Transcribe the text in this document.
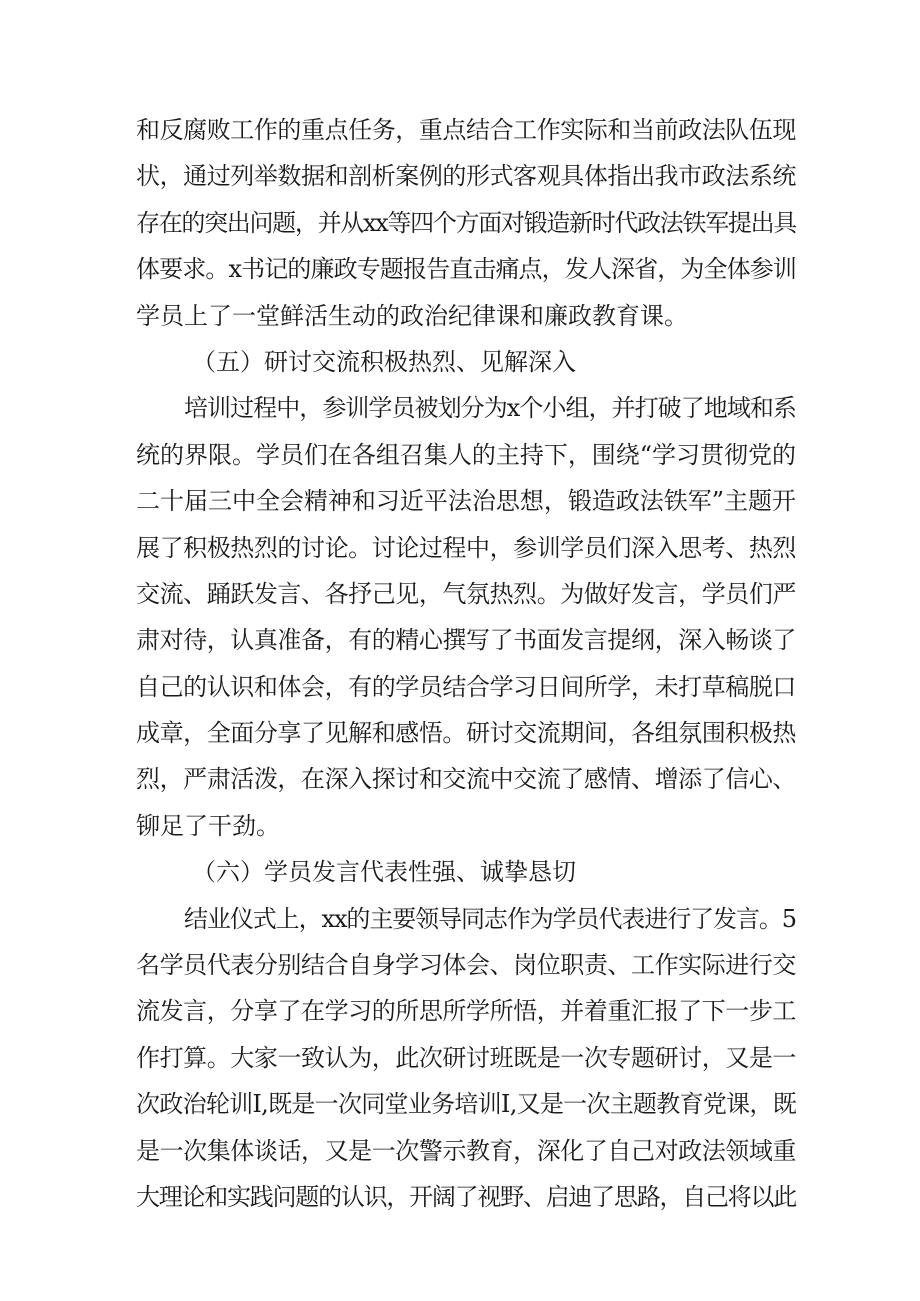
和反腐败工作的重点任务，重点结合工作实际和当前政法队伍现
状，通过列举数据和剖析案例的形式客观具体指出我市政法系统
存在的突出问题，并从xx等四个方面对锻造新时代政法铁军提出具
体要求。x书记的廉政专题报告直击痛点，发人深省，为全体参训
学员上了一堂鲜活生动的政治纪律课和廉政教育课。
（五）研讨交流积极热烈、见解深入
培训过程中，参训学员被划分为x个小组，并打破了地域和系
统的界限。学员们在各组召集人的主持下，围绕“学习贯彻党的
二十届三中全会精神和习近平法治思想，锻造政法铁军”主题开
展了积极热烈的讨论。讨论过程中，参训学员们深入思考、热烈
交流、踊跃发言、各抒己见，气氛热烈。为做好发言，学员们严
肃对待，认真准备，有的精心撰写了书面发言提纲，深入畅谈了
自己的认识和体会，有的学员结合学习日间所学，未打草稿脱口
成章，全面分享了见解和感悟。研讨交流期间，各组氛围积极热
烈，严肃活泼，在深入探讨和交流中交流了感情、增添了信心、
铆足了干劲。
（六）学员发言代表性强、诚挚恳切
结业仪式上，xx的主要领导同志作为学员代表进行了发言。5
名学员代表分别结合自身学习体会、岗位职责、工作实际进行交
流发言，分享了在学习的所思所学所悟，并着重汇报了下一步工
作打算。大家一致认为，此次研讨班既是一次专题研讨，又是一
次政治轮训I,既是一次同堂业务培训I,又是一次主题教育党课，既
是一次集体谈话，又是一次警示教育，深化了自己对政法领域重
大理论和实践问题的认识，开阔了视野、启迪了思路，自己将以此
